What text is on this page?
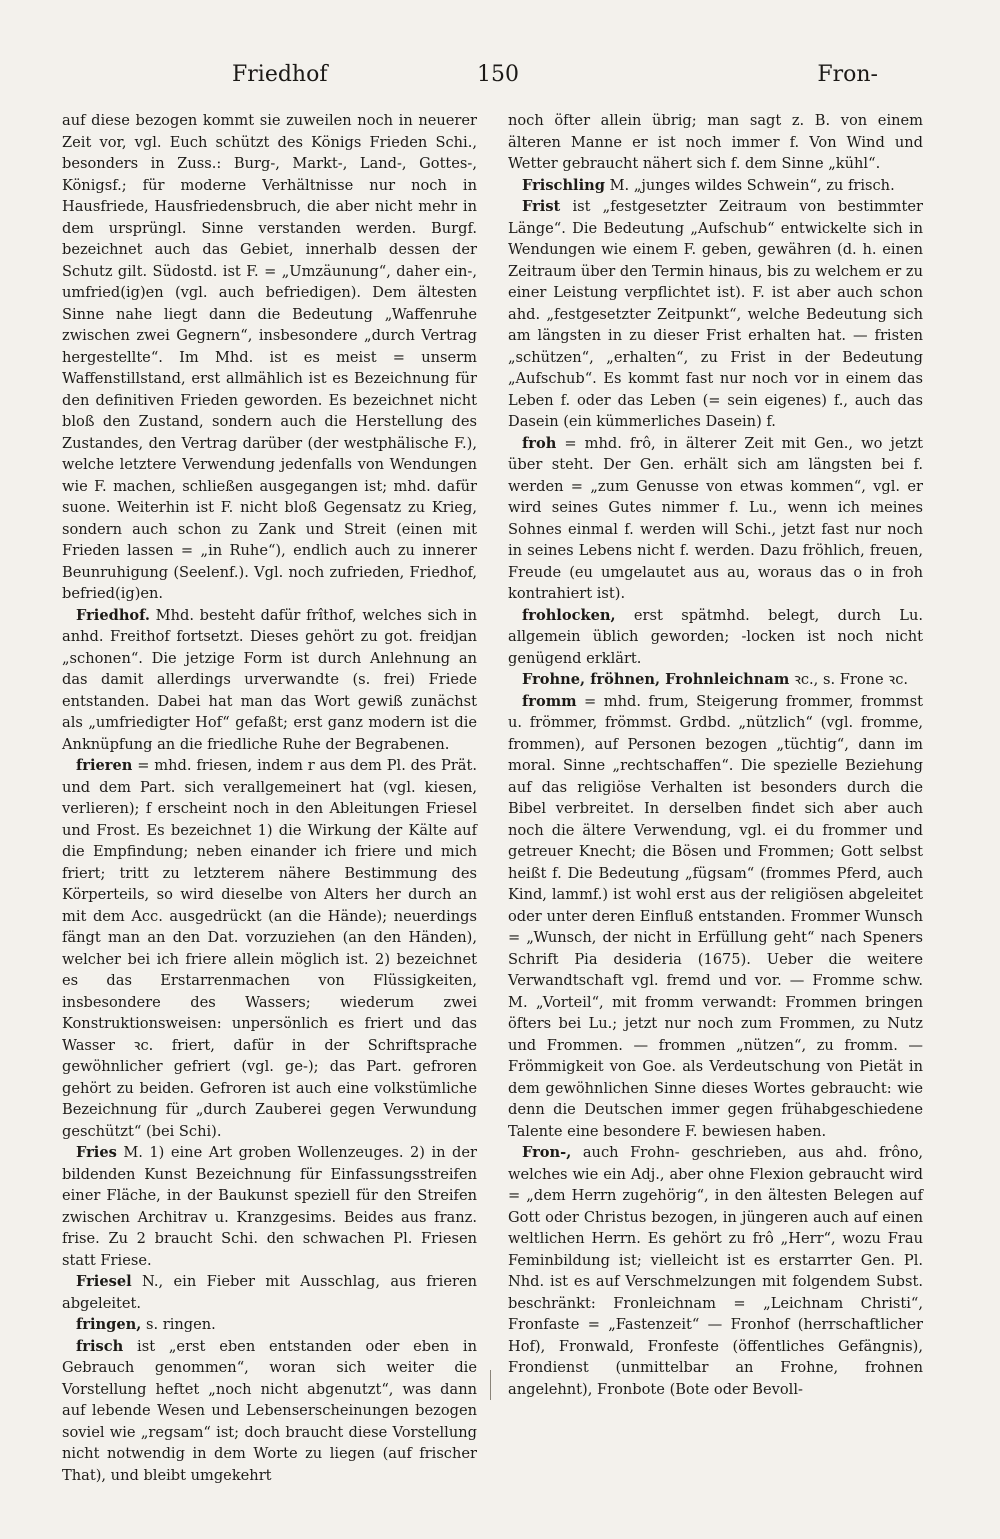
Friedhof	150	Fron-

auf diese bezogen kommt sie zuweilen noch in neuerer Zeit vor, vgl. Euch schützt des Königs Frieden Schi., besonders in Zuss.: Burg-, Markt-, Land-, Gottes-, Königsf.; für moderne Verhältnisse nur noch in Hausfriede, Hausfriedensbruch, die aber nicht mehr in dem ursprüngl. Sinne verstanden werden. Burgf. bezeichnet auch das Gebiet, innerhalb dessen der Schutz gilt. Südostd. ist F. = „Umzäunung“, daher ein-, umfried(ig)en (vgl. auch befriedigen). Dem ältesten Sinne nahe liegt dann die Bedeutung „Waffenruhe zwischen zwei Gegnern“, insbesondere „durch Vertrag hergestellte“. Im Mhd. ist es meist = unserm Waffenstillstand, erst allmählich ist es Bezeichnung für den definitiven Frieden geworden. Es bezeichnet nicht bloß den Zustand, sondern auch die Herstellung des Zustandes, den Vertrag darüber (der westphälische F.), welche letztere Verwendung jedenfalls von Wendungen wie F. machen, schließen ausgegangen ist; mhd. dafür suone. Weiterhin ist F. nicht bloß Gegensatz zu Krieg, sondern auch schon zu Zank und Streit (einen mit Frieden lassen = „in Ruhe“), endlich auch zu innerer Beunruhigung (Seelenf.). Vgl. noch zufrieden, Friedhof, befried(ig)en.

Friedhof. Mhd. besteht dafür frîthof, welches sich in anhd. Freithof fortsetzt. Dieses gehört zu got. freidjan „schonen“. Die jetzige Form ist durch Anlehnung an das damit allerdings urverwandte (s. frei) Friede entstanden. Dabei hat man das Wort gewiß zunächst als „umfriedigter Hof“ gefaßt; erst ganz modern ist die Anknüpfung an die friedliche Ruhe der Begrabenen.

frieren = mhd. friesen, indem r aus dem Pl. des Prät. und dem Part. sich verallgemeinert hat (vgl. kiesen, verlieren); f erscheint noch in den Ableitungen Friesel und Frost. Es bezeichnet 1) die Wirkung der Kälte auf die Empfindung; neben einander ich friere und mich friert; tritt zu letzterem nähere Bestimmung des Körperteils, so wird dieselbe von Alters her durch an mit dem Acc. ausgedrückt (an die Hände); neuerdings fängt man an den Dat. vorzuziehen (an den Händen), welcher bei ich friere allein möglich ist. 2) bezeichnet es das Erstarrenmachen von Flüssigkeiten, insbesondere des Wassers; wiederum zwei Konstruktionsweisen: unpersönlich es friert und das Wasser ꝛc. friert, dafür in der Schriftsprache gewöhnlicher gefriert (vgl. ge-); das Part. gefroren gehört zu beiden. Gefroren ist auch eine volkstümliche Bezeichnung für „durch Zauberei gegen Verwundung geschützt“ (bei Schi).

Fries M. 1) eine Art groben Wollenzeuges. 2) in der bildenden Kunst Bezeichnung für Einfassungsstreifen einer Fläche, in der Baukunst speziell für den Streifen zwischen Architrav u. Kranzgesims. Beides aus franz. frise. Zu 2 braucht Schi. den schwachen Pl. Friesen statt Friese.

Friesel N., ein Fieber mit Ausschlag, aus frieren abgeleitet.

fringen, s. ringen.

frisch ist „erst eben entstanden oder eben in Gebrauch genommen“, woran sich weiter die Vorstellung heftet „noch nicht abgenutzt“, was dann auf lebende Wesen und Lebenserscheinungen bezogen soviel wie „regsam“ ist; doch braucht diese Vorstellung nicht notwendig in dem Worte zu liegen (auf frischer That), und bleibt umgekehrt

noch öfter allein übrig; man sagt z. B. von einem älteren Manne er ist noch immer f. Von Wind und Wetter gebraucht nähert sich f. dem Sinne „kühl“.

Frischling M. „junges wildes Schwein“, zu frisch.

Frist ist „festgesetzter Zeitraum von bestimmter Länge“. Die Bedeutung „Aufschub“ entwickelte sich in Wendungen wie einem F. geben, gewähren (d. h. einen Zeitraum über den Termin hinaus, bis zu welchem er zu einer Leistung verpflichtet ist). F. ist aber auch schon ahd. „festgesetzter Zeitpunkt“, welche Bedeutung sich am längsten in zu dieser Frist erhalten hat. — fristen „schützen“, „erhalten“, zu Frist in der Bedeutung „Aufschub“. Es kommt fast nur noch vor in einem das Leben f. oder das Leben (= sein eigenes) f., auch das Dasein (ein kümmerliches Dasein) f.

froh = mhd. frô, in älterer Zeit mit Gen., wo jetzt über steht. Der Gen. erhält sich am längsten bei f. werden = „zum Genusse von etwas kommen“, vgl. er wird seines Gutes nimmer f. Lu., wenn ich meines Sohnes einmal f. werden will Schi., jetzt fast nur noch in seines Lebens nicht f. werden. Dazu fröhlich, freuen, Freude (eu umgelautet aus au, woraus das o in froh kontrahiert ist).

frohlocken, erst spätmhd. belegt, durch Lu. allgemein üblich geworden; -locken ist noch nicht genügend erklärt.

Frohne, fröhnen, Frohnleichnam ꝛc., s. Frone ꝛc.

fromm = mhd. frum, Steigerung frommer, frommst u. frömmer, frömmst. Grdbd. „nützlich“ (vgl. fromme, frommen), auf Personen bezogen „tüchtig“, dann im moral. Sinne „rechtschaffen“. Die spezielle Beziehung auf das religiöse Verhalten ist besonders durch die Bibel verbreitet. In derselben findet sich aber auch noch die ältere Verwendung, vgl. ei du frommer und getreuer Knecht; die Bösen und Frommen; Gott selbst heißt f. Die Bedeutung „fügsam“ (frommes Pferd, auch Kind, lammf.) ist wohl erst aus der religiösen abgeleitet oder unter deren Einfluß entstanden. Frommer Wunsch = „Wunsch, der nicht in Erfüllung geht“ nach Speners Schrift Pia desideria (1675). Ueber die weitere Verwandtschaft vgl. fremd und vor. — Fromme schw. M. „Vorteil“, mit fromm verwandt: Frommen bringen öfters bei Lu.; jetzt nur noch zum Frommen, zu Nutz und Frommen. — frommen „nützen“, zu fromm. — Frömmigkeit von Goe. als Verdeutschung von Pietät in dem gewöhnlichen Sinne dieses Wortes gebraucht: wie denn die Deutschen immer gegen frühabgeschiedene Talente eine besondere F. bewiesen haben.

Fron-, auch Frohn- geschrieben, aus ahd. frôno, welches wie ein Adj., aber ohne Flexion gebraucht wird = „dem Herrn zugehörig“, in den ältesten Belegen auf Gott oder Christus bezogen, in jüngeren auch auf einen weltlichen Herrn. Es gehört zu frô „Herr“, wozu Frau Feminbildung ist; vielleicht ist es erstarrter Gen. Pl. Nhd. ist es auf Verschmelzungen mit folgendem Subst. beschränkt: Fronleichnam = „Leichnam Christi“, Fronfaste = „Fastenzeit“ — Fronhof (herrschaftlicher Hof), Fronwald, Fronfeste (öffentliches Gefängnis), Frondienst (unmittelbar an Frohne, frohnen angelehnt), Fronbote (Bote oder Bevoll-
